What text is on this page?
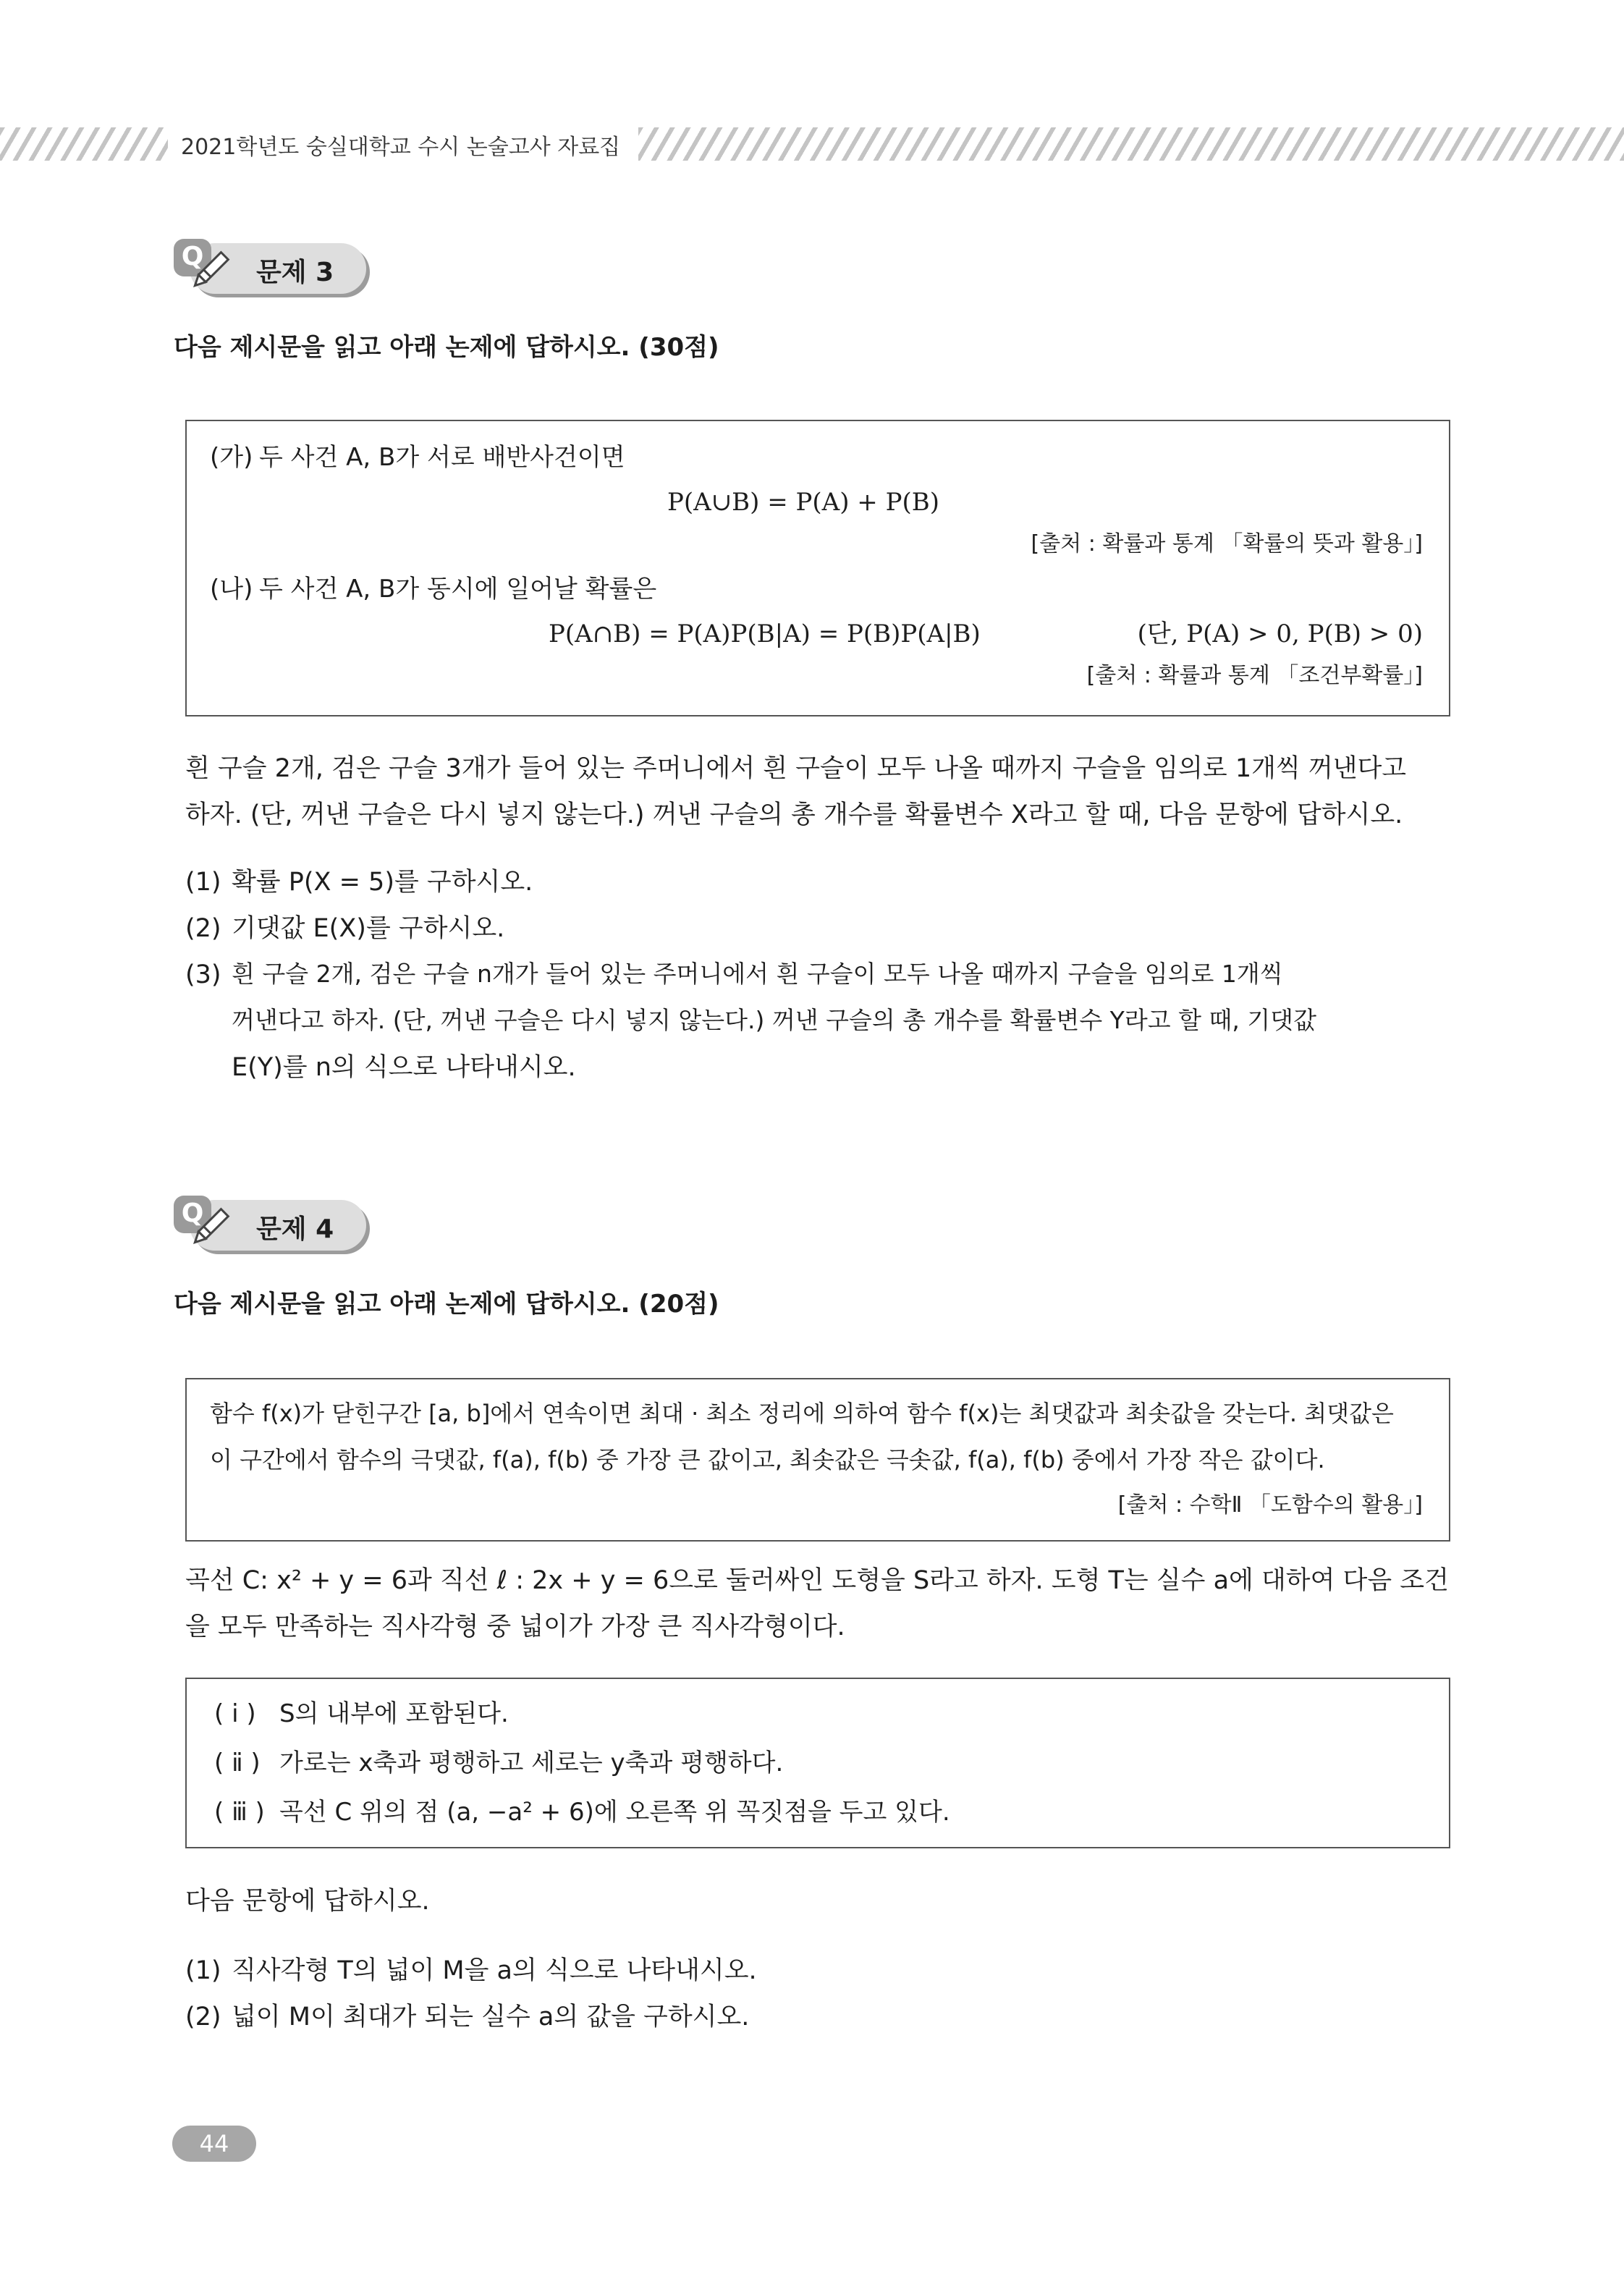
2021학년도 숭실대학교 수시 논술고사 자료집
Q
문제 3
다음 제시문을 읽고 아래 논제에 답하시오. (30점)
(가) 두 사건 A, B가 서로 배반사건이면
P(A∪B) = P(A) + P(B)
[출처 : 확률과 통계 「확률의 뜻과 활용」]
(나) 두 사건 A, B가 동시에 일어날 확률은
P(A∩B) = P(A)P(B|A) = P(B)P(A|B)	(단, P(A) > 0, P(B) > 0)
[출처 : 확률과 통계 「조건부확률」]
흰 구슬 2개, 검은 구슬 3개가 들어 있는 주머니에서 흰 구슬이 모두 나올 때까지 구슬을 임의로 1개씩 꺼낸다고
하자. (단, 꺼낸 구슬은 다시 넣지 않는다.) 꺼낸 구슬의 총 개수를 확률변수 X라고 할 때, 다음 문항에 답하시오.
(1) 확률 P(X = 5)를 구하시오.
(2) 기댓값 E(X)를 구하시오.
(3) 흰 구슬 2개, 검은 구슬 n개가 들어 있는 주머니에서 흰 구슬이 모두 나올 때까지 구슬을 임의로 1개씩
꺼낸다고 하자. (단, 꺼낸 구슬은 다시 넣지 않는다.) 꺼낸 구슬의 총 개수를 확률변수 Y라고 할 때, 기댓값
E(Y)를 n의 식으로 나타내시오.
Q
문제 4
다음 제시문을 읽고 아래 논제에 답하시오. (20점)
함수 f(x)가 닫힌구간 [a, b]에서 연속이면 최대 · 최소 정리에 의하여 함수 f(x)는 최댓값과 최솟값을 갖는다. 최댓값은
이 구간에서 함수의 극댓값, f(a), f(b) 중 가장 큰 값이고, 최솟값은 극솟값, f(a), f(b) 중에서 가장 작은 값이다.
[출처 : 수학Ⅱ 「도함수의 활용」]
곡선 C: x² + y = 6과 직선 ℓ : 2x + y = 6으로 둘러싸인 도형을 S라고 하자. 도형 T는 실수 a에 대하여 다음 조건
을 모두 만족하는 직사각형 중 넓이가 가장 큰 직사각형이다.
( ⅰ ) S의 내부에 포함된다.
( ⅱ ) 가로는 x축과 평행하고 세로는 y축과 평행하다.
( ⅲ ) 곡선 C 위의 점 (a, −a² + 6)에 오른쪽 위 꼭짓점을 두고 있다.
다음 문항에 답하시오.
(1) 직사각형 T의 넓이 M을 a의 식으로 나타내시오.
(2) 넓이 M이 최대가 되는 실수 a의 값을 구하시오.
44
